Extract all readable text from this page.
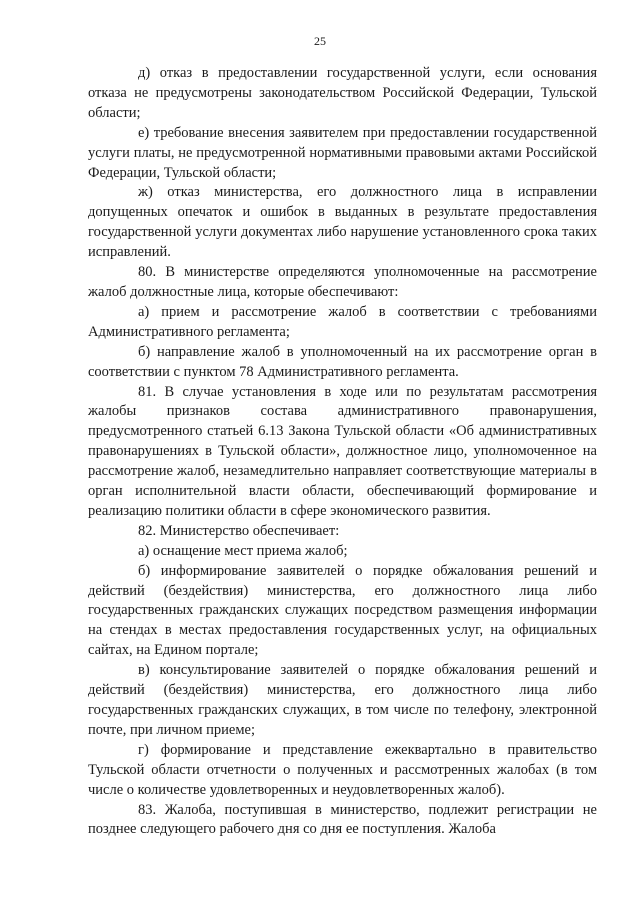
25

д) отказ в предоставлении государственной услуги, если основания отказа не предусмотрены законодательством Российской Федерации, Тульской области;

е) требование внесения заявителем при предоставлении государственной услуги платы, не предусмотренной нормативными правовыми актами Российской Федерации, Тульской области;

ж) отказ министерства, его должностного лица в исправлении допущенных опечаток и ошибок в выданных в результате предоставления государственной услуги документах либо нарушение установленного срока таких исправлений.

80. В министерстве определяются уполномоченные на рассмотрение жалоб должностные лица, которые обеспечивают:

а) прием и рассмотрение жалоб в соответствии с требованиями Административного регламента;

б) направление жалоб в уполномоченный на их рассмотрение орган в соответствии с пунктом 78 Административного регламента.

81. В случае установления в ходе или по результатам рассмотрения жалобы признаков состава административного правонарушения, предусмотренного статьей 6.13 Закона Тульской области «Об административных правонарушениях в Тульской области», должностное лицо, уполномоченное на рассмотрение жалоб, незамедлительно направляет соответствующие материалы в орган исполнительной власти области, обеспечивающий формирование и реализацию политики области в сфере экономического развития.

82. Министерство обеспечивает:

а) оснащение мест приема жалоб;

б) информирование заявителей о порядке обжалования решений и действий (бездействия) министерства, его должностного лица либо государственных гражданских служащих посредством размещения информации на стендах в местах предоставления государственных услуг, на официальных сайтах, на Едином портале;

в) консультирование заявителей о порядке обжалования решений и действий (бездействия) министерства, его должностного лица либо государственных гражданских служащих, в том числе по телефону, электронной почте, при личном приеме;

г) формирование и представление ежеквартально в правительство Тульской области отчетности о полученных и рассмотренных жалобах (в том числе о количестве удовлетворенных и неудовлетворенных жалоб).

83. Жалоба, поступившая в министерство, подлежит регистрации не позднее следующего рабочего дня со дня ее поступления. Жалоба
